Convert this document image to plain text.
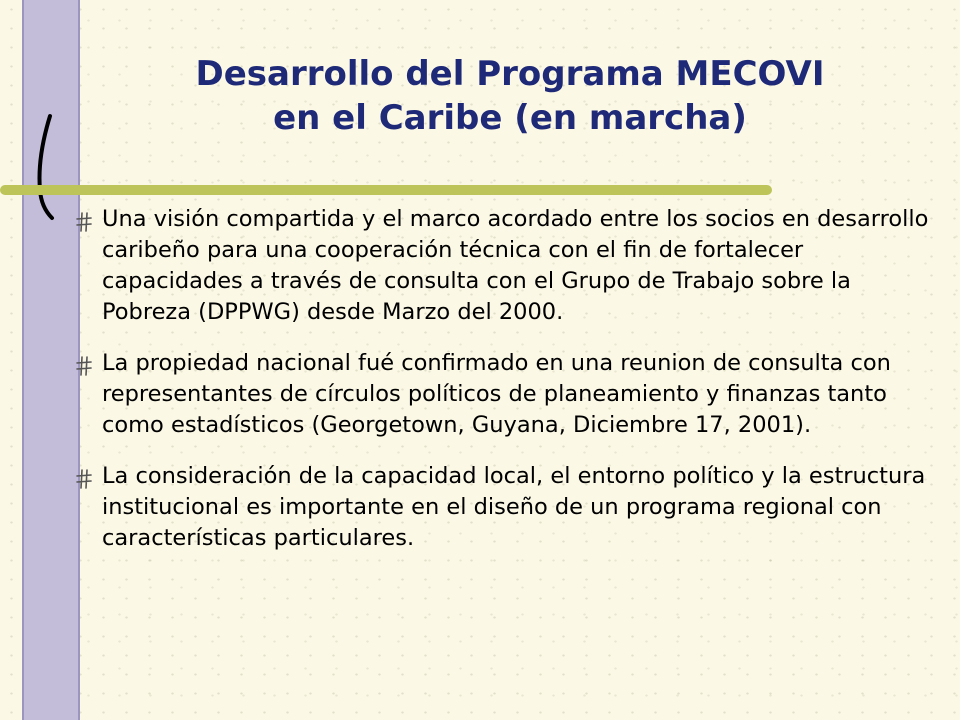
Desarrollo del Programa MECOVI
en el Caribe (en marcha)
Una visión compartida y el marco acordado entre los socios en desarrollo caribeño para una cooperación técnica con el fin de fortalecer capacidades a través de consulta con el Grupo de Trabajo sobre la Pobreza (DPPWG) desde Marzo del 2000.
La propiedad nacional fué confirmado en una reunion de consulta con representantes de círculos políticos de planeamiento y finanzas tanto como estadísticos (Georgetown, Guyana, Diciembre 17, 2001).
La consideración de la capacidad local, el entorno político y la estructura institucional es importante en el diseño de un programa regional con características particulares.
